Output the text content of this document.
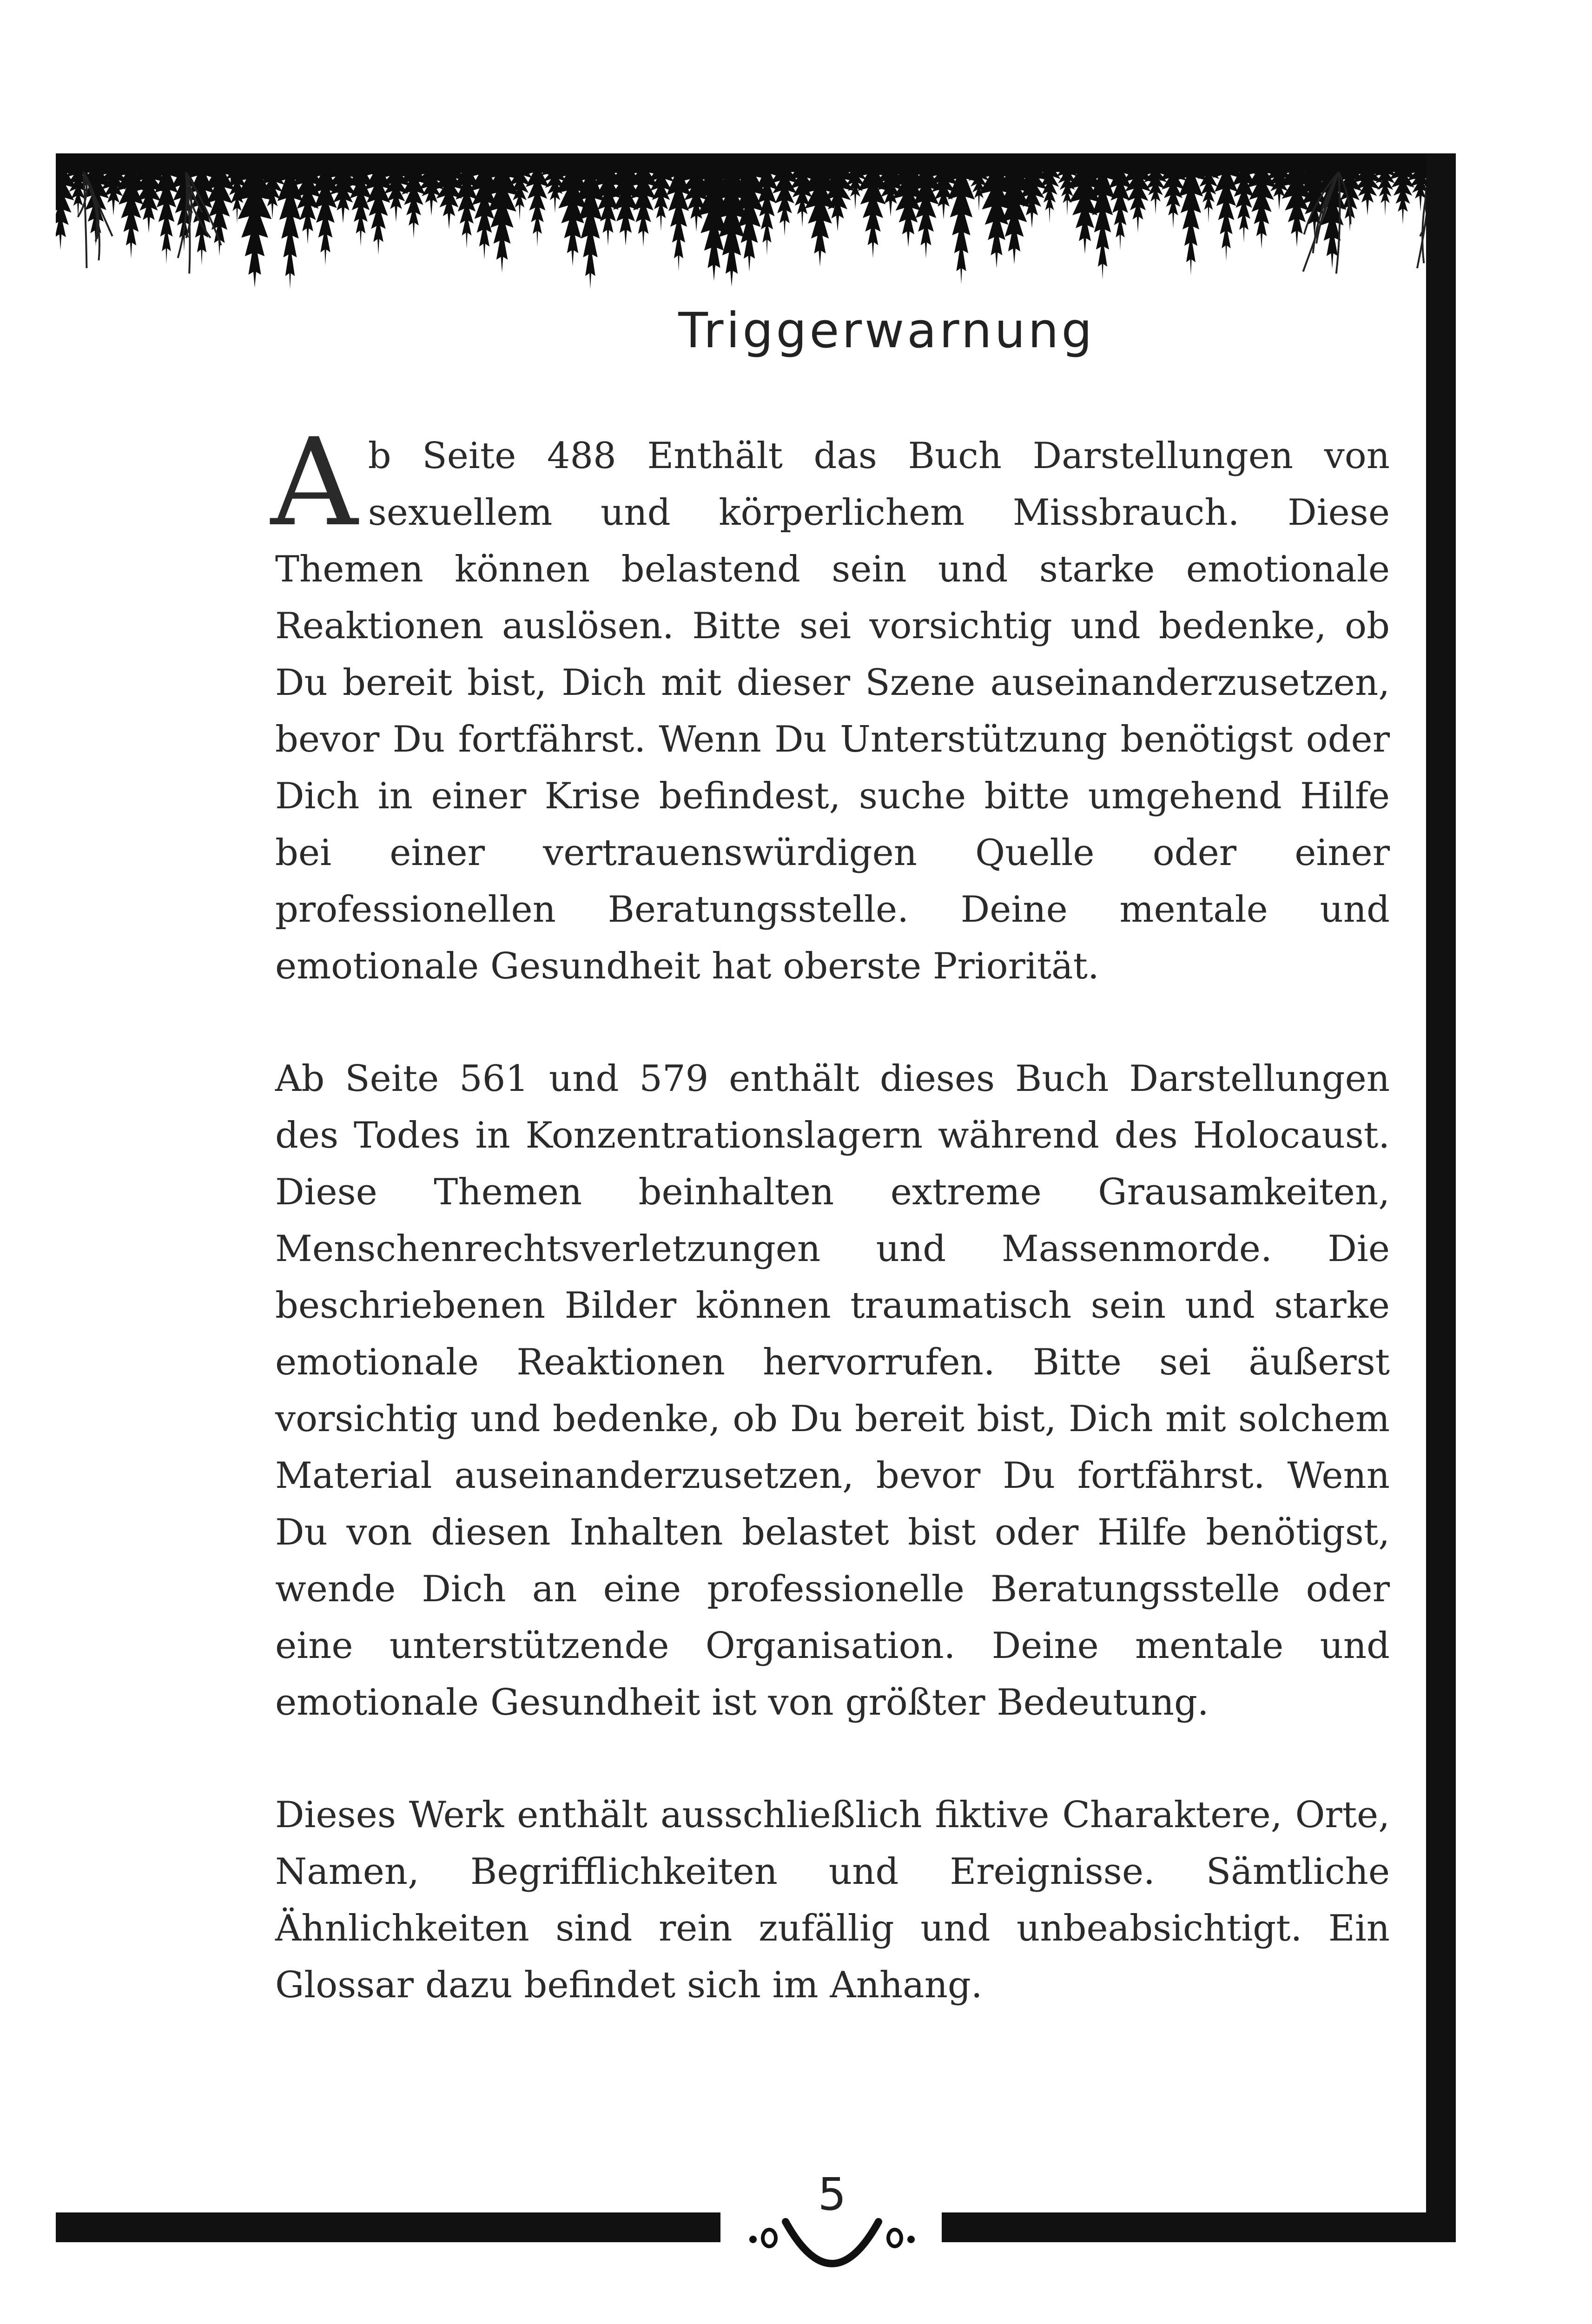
Triggerwarnung

Ab Seite 488 Enthält das Buch Darstellungen von sexuellem und körperlichem Missbrauch. Diese Themen können belastend sein und starke emotionale Reaktionen auslösen. Bitte sei vorsichtig und bedenke, ob Du bereit bist, Dich mit dieser Szene auseinanderzusetzen, bevor Du fortfährst. Wenn Du Unterstützung benötigst oder Dich in einer Krise befindest, suche bitte umgehend Hilfe bei einer vertrauenswürdigen Quelle oder einer professionellen Beratungsstelle. Deine mentale und emotionale Gesundheit hat oberste Priorität.

Ab Seite 561 und 579 enthält dieses Buch Darstellungen des Todes in Konzentrationslagern während des Holocaust. Diese Themen beinhalten extreme Grausamkeiten, Menschenrechtsverletzungen und Massenmorde. Die beschriebenen Bilder können traumatisch sein und starke emotionale Reaktionen hervorrufen. Bitte sei äußerst vorsichtig und bedenke, ob Du bereit bist, Dich mit solchem Material auseinanderzusetzen, bevor Du fortfährst. Wenn Du von diesen Inhalten belastet bist oder Hilfe benötigst, wende Dich an eine professionelle Beratungsstelle oder eine unterstützende Organisation. Deine mentale und emotionale Gesundheit ist von größter Bedeutung.

Dieses Werk enthält ausschließlich fiktive Charaktere, Orte, Namen, Begrifflichkeiten und Ereignisse. Sämtliche Ähnlichkeiten sind rein zufällig und unbeabsichtigt. Ein Glossar dazu befindet sich im Anhang.

5
